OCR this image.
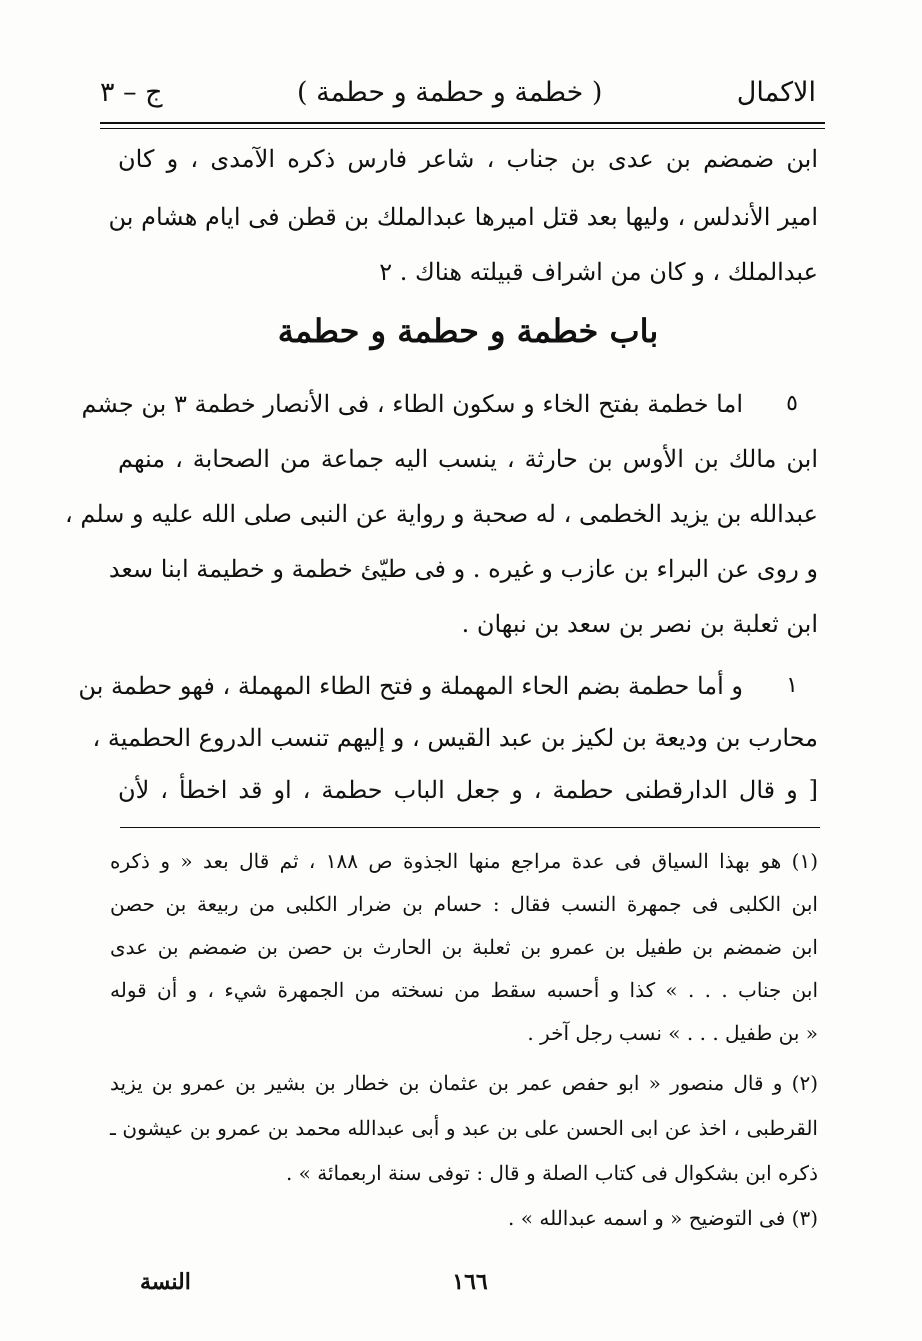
الاكمال
( خطمة و حطمة و حطمة )
ج – ٣
ابن ضمضم بن عدى بن جناب ، شاعر فارس ذكره الآمدى ، و كان
امير الأندلس ، وليها بعد قتل اميرها عبدالملك بن قطن فى ايام هشام بن
عبدالملك ، و كان من اشراف قبيلته هناك . ٢
باب خطمة و حطمة و حطمة
٥
اما خطمة بفتح الخاء و سكون الطاء ، فى الأنصار خطمة ٣ بن جشم
ابن مالك بن الأوس بن حارثة ، ينسب اليه جماعة من الصحابة ، منهم
عبدالله بن يزيد الخطمى ، له صحبة و رواية عن النبى صلى الله عليه و سلم ،
و روى عن البراء بن عازب و غيره . و فى طيّئ خطمة و خطيمة ابنا سعد
ابن ثعلبة بن نصر بن سعد بن نبهان .
١
و أما حطمة بضم الحاء المهملة و فتح الطاء المهملة ، فهو حطمة بن
محارب بن وديعة بن لكيز بن عبد القيس ، و إليهم تنسب الدروع الحطمية ،
[ و قال الدارقطنى حطمة ، و جعل الباب حطمة ، او قد اخطأ ، لأن
(١) هو بهذا السياق فى عدة مراجع منها الجذوة ص ١٨٨ ، ثم قال بعد « و ذكره
ابن الكلبى فى جمهرة النسب فقال : حسام بن ضرار الكلبى من ربيعة بن حصن
ابن ضمضم بن طفيل بن عمرو بن ثعلبة بن الحارث بن حصن بن ضمضم بن عدى
ابن جناب . . . » كذا و أحسبه سقط من نسخته من الجمهرة شيء ، و أن قوله
« بن طفيل . . . » نسب رجل آخر .
(٢) و قال منصور « ابو حفص عمر بن عثمان بن خطار بن بشير بن عمرو بن يزيد
القرطبى ، اخذ عن ابى الحسن على بن عبد و أبى عبدالله محمد بن عمرو بن عيشون ـ
ذكره ابن بشكوال فى كتاب الصلة و قال : توفى سنة اربعمائة » .
(٣) فى التوضيح « و اسمه عبدالله » .
١٦٦
النسة
